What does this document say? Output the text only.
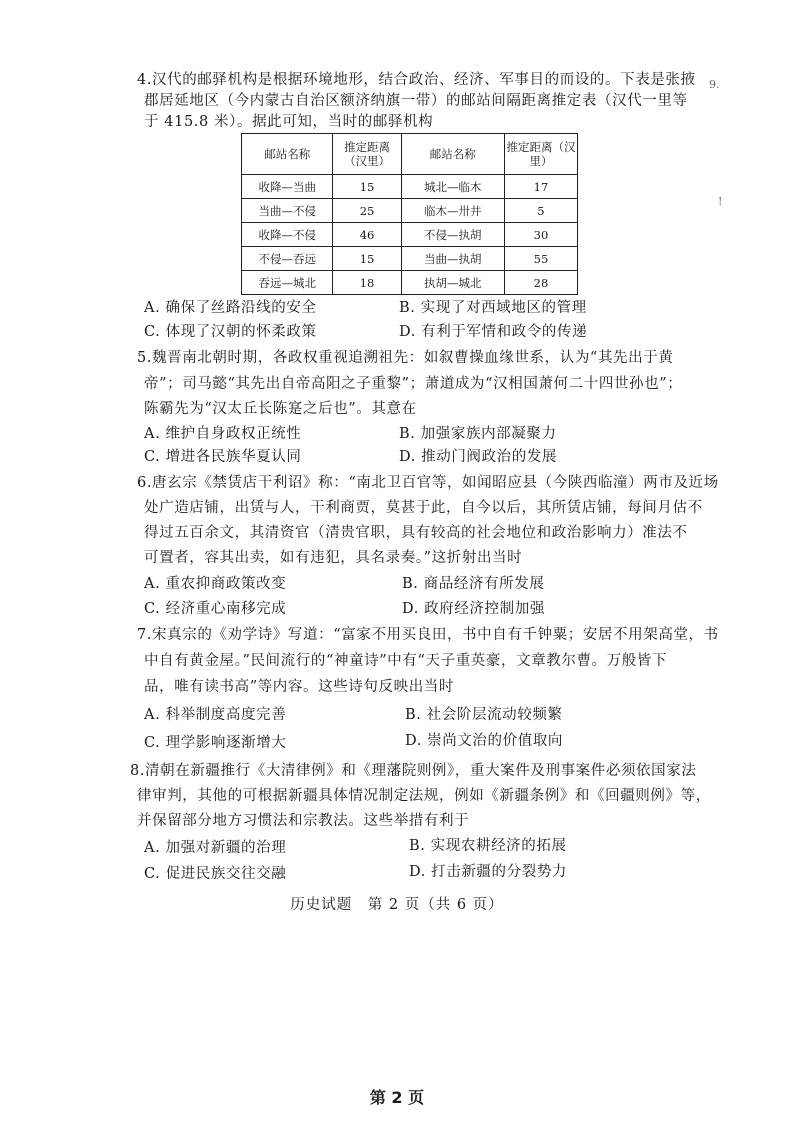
9.
!
4.汉代的邮驿机构是根据环境地形，结合政治、经济、军事目的而设的。下表是张掖
郡居延地区（今内蒙古自治区额济纳旗一带）的邮站间隔距离推定表（汉代一里等
于 415.8 米）。据此可知，当时的邮驿机构
邮站名称	推定距离（汉里）	邮站名称	推定距离（汉里）
收降—当曲	15	城北—临木	17
当曲—不侵	25	临木—卅井	5
收降—不侵	46	不侵—执胡	30
不侵—吞远	15	当曲—执胡	55
吞远—城北	18	执胡—城北	28
A. 确保了丝路沿线的安全	B. 实现了对西域地区的管理
C. 体现了汉朝的怀柔政策	D. 有利于军情和政令的传递
5.魏晋南北朝时期，各政权重视追溯祖先：如叙曹操血缘世系，认为“其先出于黄
帝”；司马懿“其先出自帝高阳之子重黎”；萧道成为“汉相国萧何二十四世孙也”；
陈霸先为“汉太丘长陈寔之后也”。其意在
A. 维护自身政权正统性	B. 加强家族内部凝聚力
C. 增进各民族华夏认同	D. 推动门阀政治的发展
6.唐玄宗《禁赁店干利诏》称：“南北卫百官等，如闻昭应县（今陕西临潼）两市及近场
处广造店铺，出赁与人，干利商贾，莫甚于此，自今以后，其所赁店铺，每间月估不
得过五百余文，其清资官（清贵官职，具有较高的社会地位和政治影响力）准法不
可置者，容其出卖，如有违犯，具名录奏。”这折射出当时
A. 重农抑商政策改变	B. 商品经济有所发展
C. 经济重心南移完成	D. 政府经济控制加强
7.宋真宗的《劝学诗》写道：“富家不用买良田，书中自有千钟粟；安居不用架高堂，书
中自有黄金屋。”民间流行的“神童诗”中有“天子重英豪，文章教尔曹。万般皆下
品，唯有读书高”等内容。这些诗句反映出当时
A. 科举制度高度完善	B. 社会阶层流动较频繁
C. 理学影响逐渐增大	D. 崇尚文治的价值取向
8.清朝在新疆推行《大清律例》和《理藩院则例》，重大案件及刑事案件必须依国家法
律审判，其他的可根据新疆具体情况制定法规，例如《新疆条例》和《回疆则例》等，
并保留部分地方习惯法和宗教法。这些举措有利于
A. 加强对新疆的治理	B. 实现农耕经济的拓展
C. 促进民族交往交融	D. 打击新疆的分裂势力
历史试题　第 2 页（共 6 页）
第 2 页
